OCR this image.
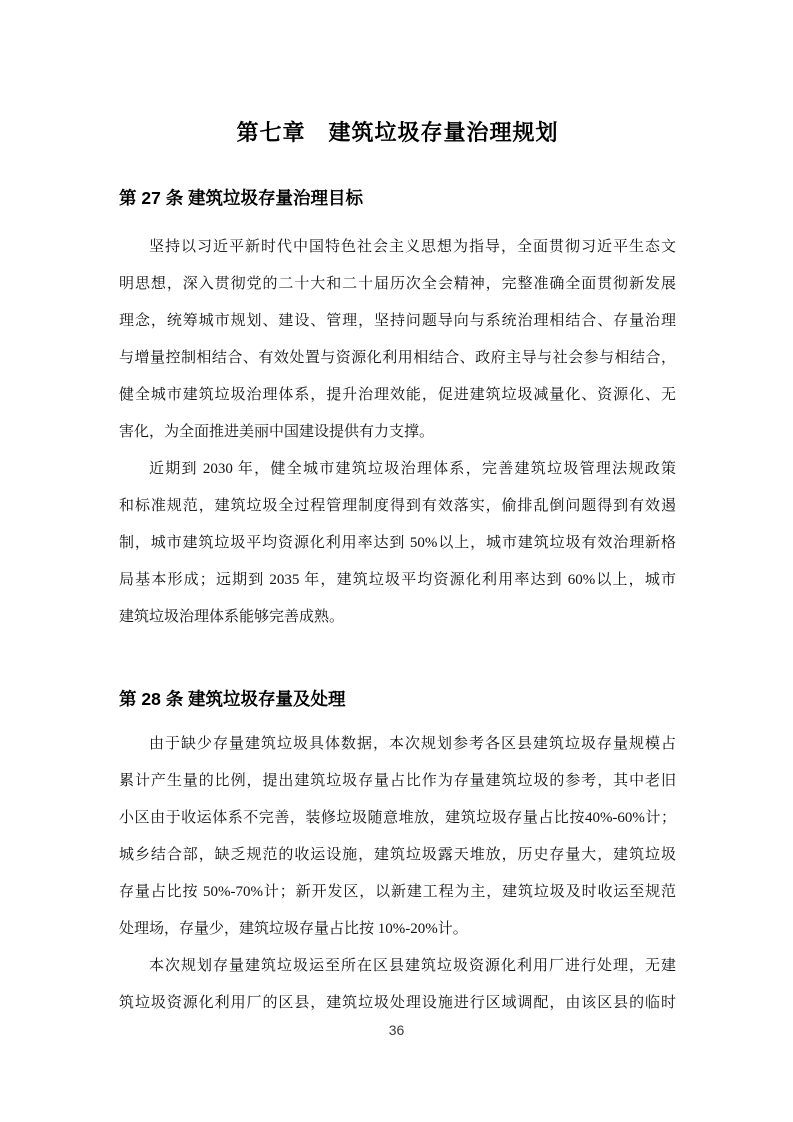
第七章　建筑垃圾存量治理规划
第 27 条 建筑垃圾存量治理目标
坚持以习近平新时代中国特色社会主义思想为指导，全面贯彻习近平生态文
明思想，深入贯彻党的二十大和二十届历次全会精神，完整准确全面贯彻新发展
理念，统筹城市规划、建设、管理，坚持问题导向与系统治理相结合、存量治理
与增量控制相结合、有效处置与资源化利用相结合、政府主导与社会参与相结合，
健全城市建筑垃圾治理体系，提升治理效能，促进建筑垃圾减量化、资源化、无
害化，为全面推进美丽中国建设提供有力支撑。
近期到 2030 年，健全城市建筑垃圾治理体系，完善建筑垃圾管理法规政策
和标准规范，建筑垃圾全过程管理制度得到有效落实，偷排乱倒问题得到有效遏
制，城市建筑垃圾平均资源化利用率达到 50%以上，城市建筑垃圾有效治理新格
局基本形成；远期到 2035 年，建筑垃圾平均资源化利用率达到 60%以上，城市
建筑垃圾治理体系能够完善成熟。
第 28 条 建筑垃圾存量及处理
由于缺少存量建筑垃圾具体数据，本次规划参考各区县建筑垃圾存量规模占
累计产生量的比例，提出建筑垃圾存量占比作为存量建筑垃圾的参考，其中老旧
小区由于收运体系不完善，装修垃圾随意堆放，建筑垃圾存量占比按40%-60%计；
城乡结合部，缺乏规范的收运设施，建筑垃圾露天堆放，历史存量大，建筑垃圾
存量占比按 50%-70%计；新开发区，以新建工程为主，建筑垃圾及时收运至规范
处理场，存量少，建筑垃圾存量占比按 10%-20%计。
本次规划存量建筑垃圾运至所在区县建筑垃圾资源化利用厂进行处理，无建
筑垃圾资源化利用厂的区县，建筑垃圾处理设施进行区域调配，由该区县的临时
36
